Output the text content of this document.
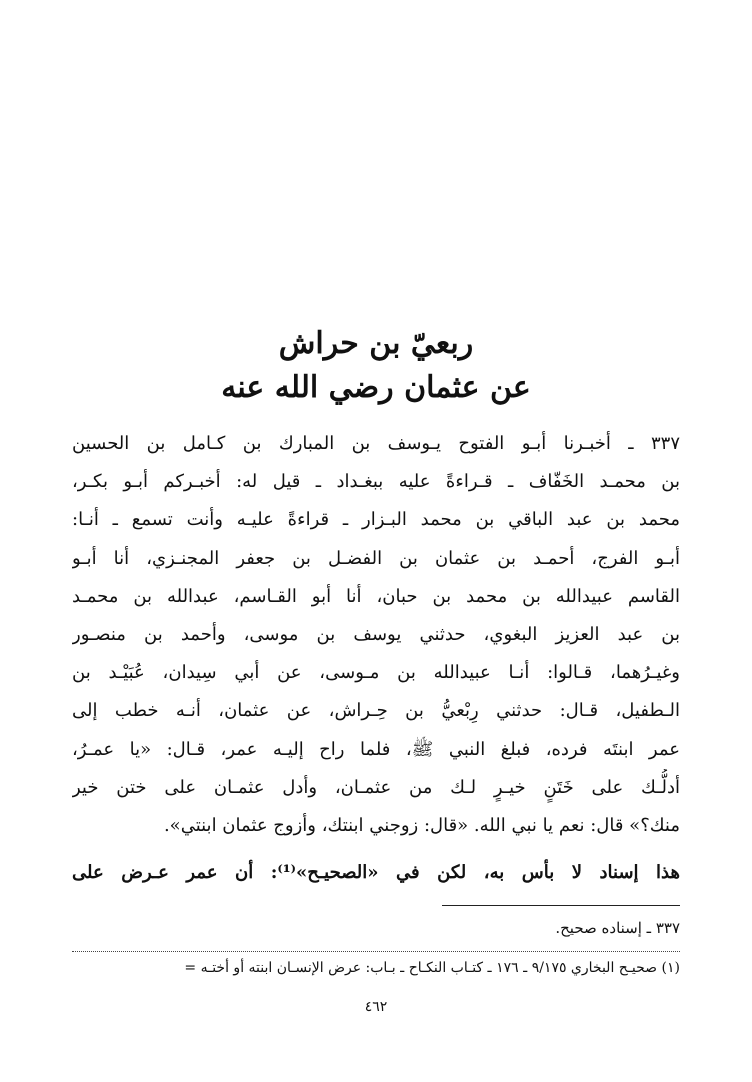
ربعيّ بن حراش
عن عثمان رضي الله عنه
٣٣٧ ـ أخبـرنا أبـو الفتوح يـوسف بن المبارك بن كـامل بن الحسين
بن محمـد الخَفّاف ـ قـراءةً عليه ببغـداد ـ قيل له: أخبـركم أبـو بكـر،
محمد بن عبد الباقي بن محمد البـزار ـ قراءةً عليـه وأنت تسمع ـ أنـا:
أبـو الفرج، أحمـد بن عثمان بن الفضـل بن جعفر المجنـزي، أنا أبـو
القاسم عبيدالله بن محمد بن حبان، أنا أبو القـاسم، عبدالله بن محمـد
بن عبد العزيز البغوي، حدثني يوسف بن موسى، وأحمد بن منصـور
وغيـرُهما، قـالوا: أنـا عبيدالله بن مـوسى، عن أبي سِيدان، عُبَيْـد بن
الـطفيل، قـال: حدثني رِبْعيُّ بن حِـراش، عن عثمان، أنـه خطب إلى
عمر ابنتَه فرده، فبلغ النبي ﷺ، فلما راح إليـه عمر، قـال: «يا عمـرُ،
أدلُّـك على خَتَنٍ خيـرٍ لـك من عثمـان، وأدل عثمـان على ختن خير
منك؟» قال: نعم يا نبي الله. «قال: زوجني ابنتك، وأزوج عثمان ابنتي».
هذا إسناد لا بأس به، لكن في «الصحيـح»⁽¹⁾: أن عمر عـرض على
٣٣٧ ـ إسناده صحيح.
(١) صحيـح البخاري ٩/١٧٥ ـ ١٧٦ ـ كتـاب النكـاح ـ بـاب: عرض الإنسـان ابنته أو أختـه =
٤٦٢
